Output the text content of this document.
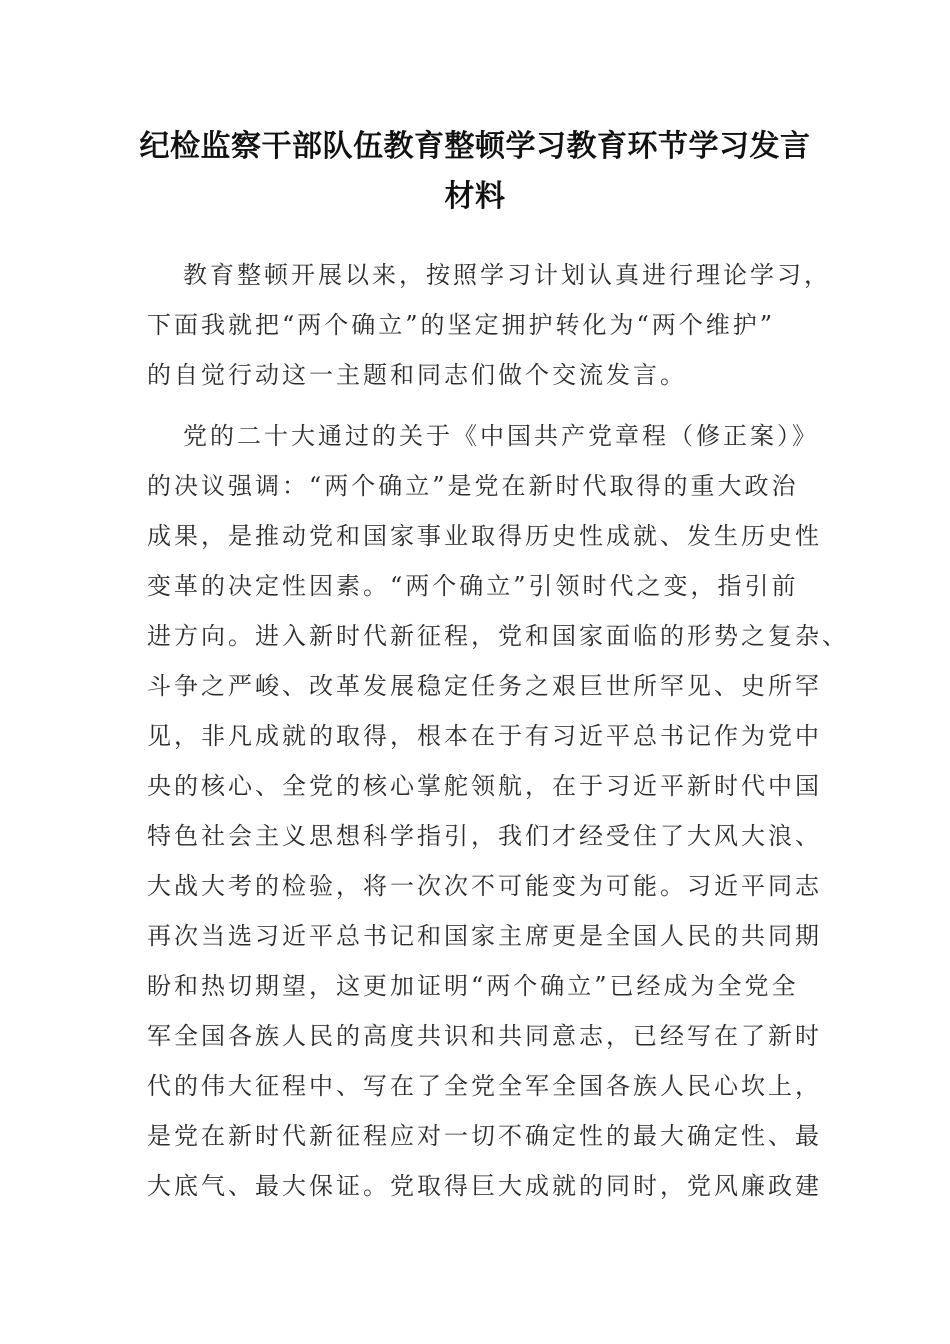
纪检监察干部队伍教育整顿学习教育环节学习发言
材料
教育整顿开展以来，按照学习计划认真进行理论学习，
下面我就把“两个确立”的坚定拥护转化为“两个维护”
的自觉行动这一主题和同志们做个交流发言。
党的二十大通过的关于《中国共产党章程（修正案）》
的决议强调：“两个确立”是党在新时代取得的重大政治
成果，是推动党和国家事业取得历史性成就、发生历史性
变革的决定性因素。“两个确立”引领时代之变，指引前
进方向。进入新时代新征程，党和国家面临的形势之复杂、
斗争之严峻、改革发展稳定任务之艰巨世所罕见、史所罕
见，非凡成就的取得，根本在于有习近平总书记作为党中
央的核心、全党的核心掌舵领航，在于习近平新时代中国
特色社会主义思想科学指引，我们才经受住了大风大浪、
大战大考的检验，将一次次不可能变为可能。习近平同志
再次当选习近平总书记和国家主席更是全国人民的共同期
盼和热切期望，这更加证明“两个确立”已经成为全党全
军全国各族人民的高度共识和共同意志，已经写在了新时
代的伟大征程中、写在了全党全军全国各族人民心坎上，
是党在新时代新征程应对一切不确定性的最大确定性、最
大底气、最大保证。党取得巨大成就的同时，党风廉政建
